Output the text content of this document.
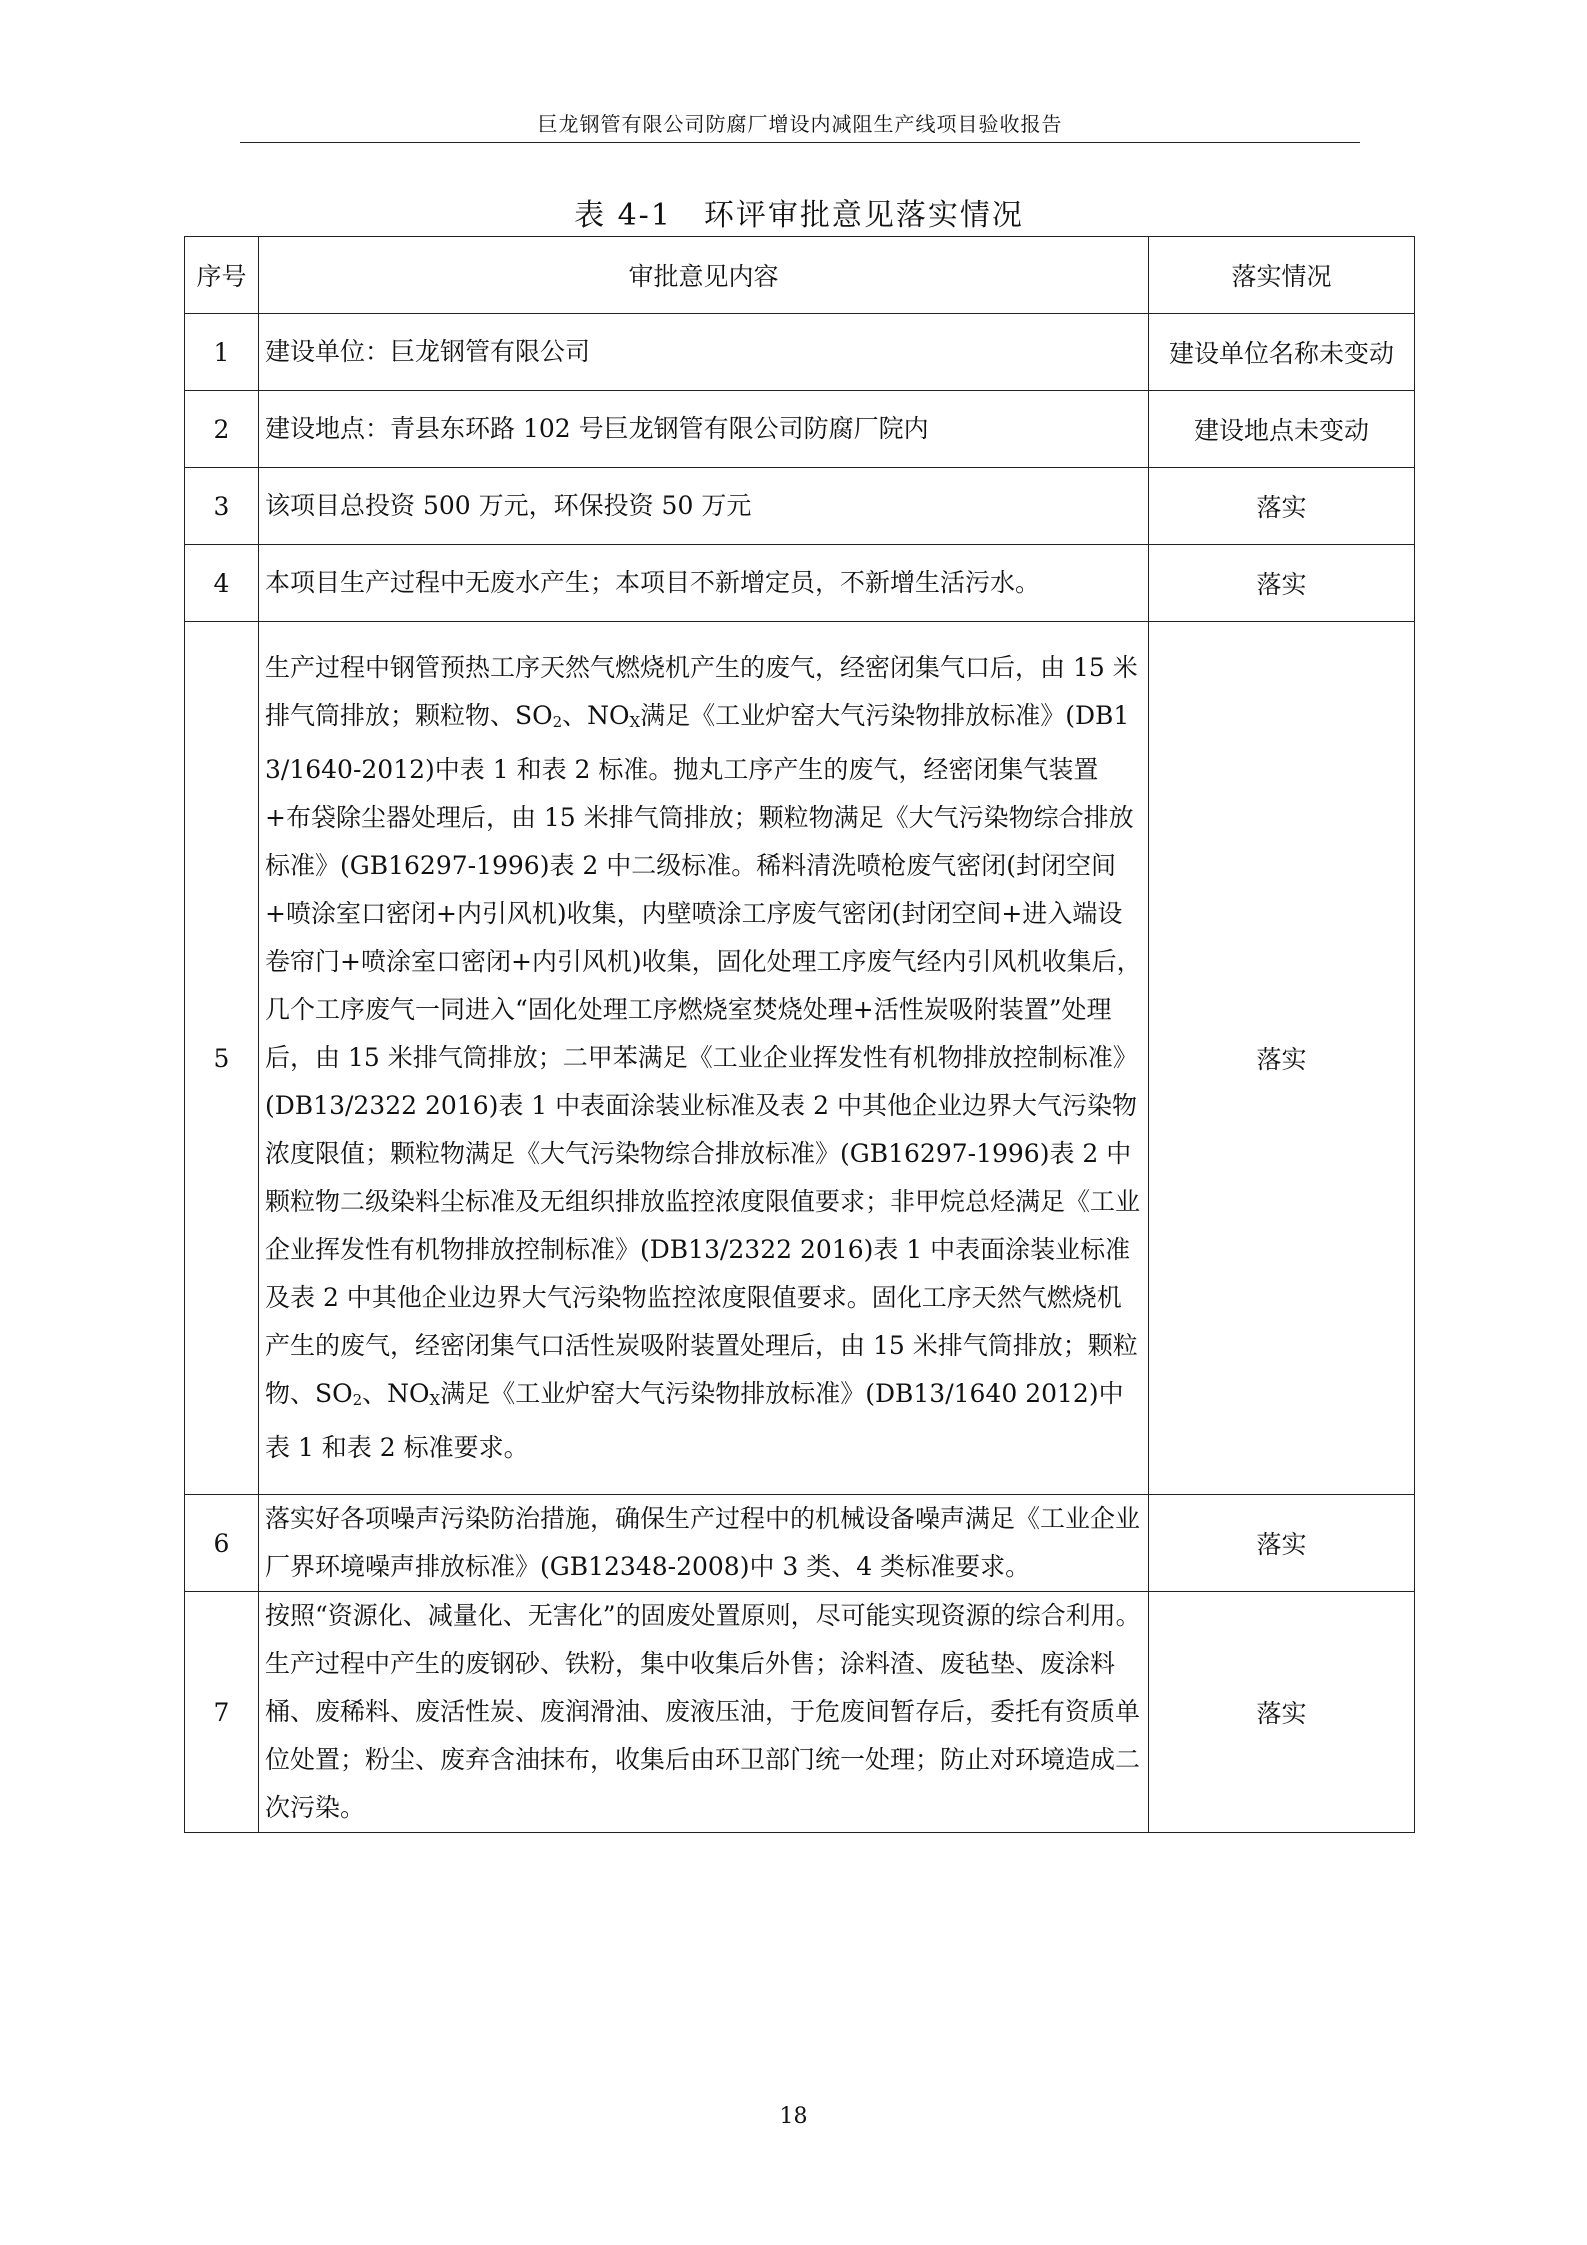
巨龙钢管有限公司防腐厂增设内减阻生产线项目验收报告
表 4-1　环评审批意见落实情况
序号	审批意见内容	落实情况
1	建设单位：巨龙钢管有限公司	建设单位名称未变动
2	建设地点：青县东环路 102 号巨龙钢管有限公司防腐厂院内	建设地点未变动
3	该项目总投资 500 万元，环保投资 50 万元	落实
4	本项目生产过程中无废水产生；本项目不新增定员，不新增生活污水。	落实
5	生产过程中钢管预热工序天然气燃烧机产生的废气，经密闭集气口后，由 15 米排气筒排放；颗粒物、$SO_2$、$NO_X$满足《工业炉窑大气污染物排放标准》(DB13/1640-2012)中表 1 和表 2 标准。抛丸工序产生的废气，经密闭集气装置+布袋除尘器处理后，由 15 米排气筒排放；颗粒物满足《大气污染物综合排放标准》(GB16297-1996)表 2 中二级标准。稀料清洗喷枪废气密闭(封闭空间+喷涂室口密闭+内引风机)收集，内壁喷涂工序废气密闭(封闭空间+进入端设卷帘门+喷涂室口密闭+内引风机)收集，固化处理工序废气经内引风机收集后，几个工序废气一同进入“固化处理工序燃烧室焚烧处理+活性炭吸附装置”处理后，由 15 米排气筒排放；二甲苯满足《工业企业挥发性有机物排放控制标准》(DB13/2322 2016)表 1 中表面涂装业标准及表 2 中其他企业边界大气污染物浓度限值；颗粒物满足《大气污染物综合排放标准》(GB16297-1996)表 2 中颗粒物二级染料尘标准及无组织排放监控浓度限值要求；非甲烷总烃满足《工业企业挥发性有机物排放控制标准》(DB13/2322 2016)表 1 中表面涂装业标准及表 2 中其他企业边界大气污染物监控浓度限值要求。固化工序天然气燃烧机产生的废气，经密闭集气口活性炭吸附装置处理后，由 15 米排气筒排放；颗粒物、$SO_2$、$NO_X$满足《工业炉窑大气污染物排放标准》(DB13/1640 2012)中表 1 和表 2 标准要求。	落实
6	落实好各项噪声污染防治措施，确保生产过程中的机械设备噪声满足《工业企业厂界环境噪声排放标准》(GB12348-2008)中 3 类、4 类标准要求。	落实
7	按照“资源化、减量化、无害化”的固废处置原则，尽可能实现资源的综合利用。生产过程中产生的废钢砂、铁粉，集中收集后外售；涂料渣、废毡垫、废涂料桶、废稀料、废活性炭、废润滑油、废液压油，于危废间暂存后，委托有资质单位处置；粉尘、废弃含油抹布，收集后由环卫部门统一处理；防止对环境造成二次污染。	落实
18
